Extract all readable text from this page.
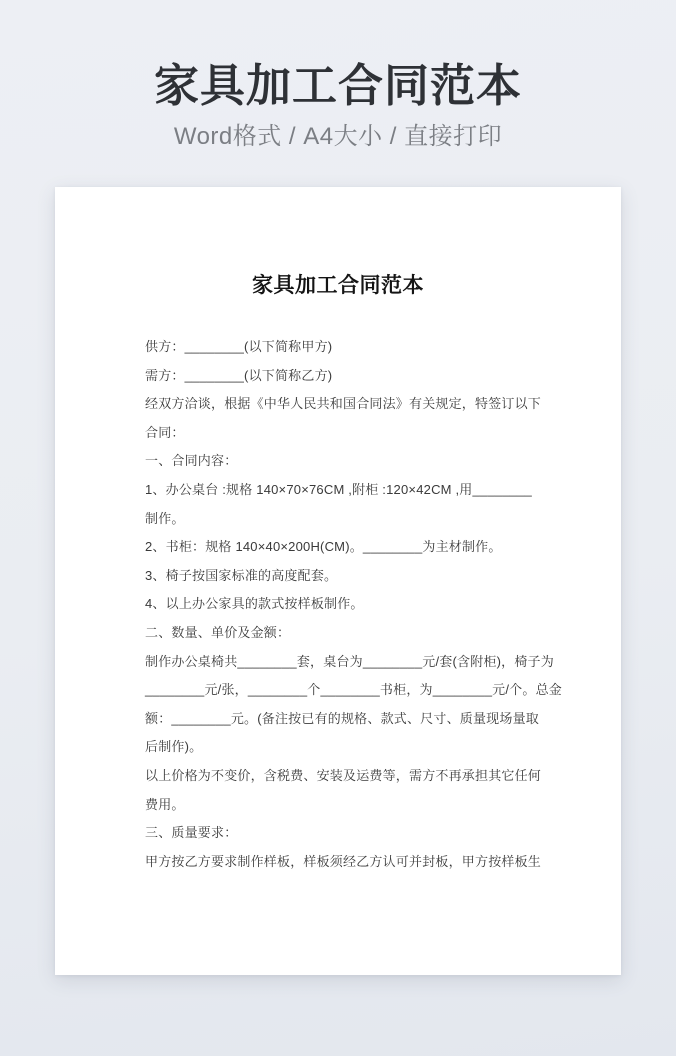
家具加工合同范本
Word格式 / A4大小 / 直接打印
家具加工合同范本
供方：________(以下简称甲方)
需方：________(以下简称乙方)
经双方洽谈，根据《中华人民共和国合同法》有关规定，特签订以下
合同：
一、合同内容：
1、办公桌台 :规格 140×70×76CM ,附柜 :120×42CM ,用________
制作。
2、书柜：规格 140×40×200H(CM)。________为主材制作。
3、椅子按国家标准的高度配套。
4、以上办公家具的款式按样板制作。
二、数量、单价及金额：
制作办公桌椅共________套，桌台为________元/套(含附柜)，椅子为
________元/张，________个________书柜，为________元/个。总金
额：________元。(备注按已有的规格、款式、尺寸、质量现场量取
后制作)。
以上价格为不变价，含税费、安装及运费等，需方不再承担其它任何
费用。
三、质量要求：
甲方按乙方要求制作样板，样板须经乙方认可并封板，甲方按样板生
